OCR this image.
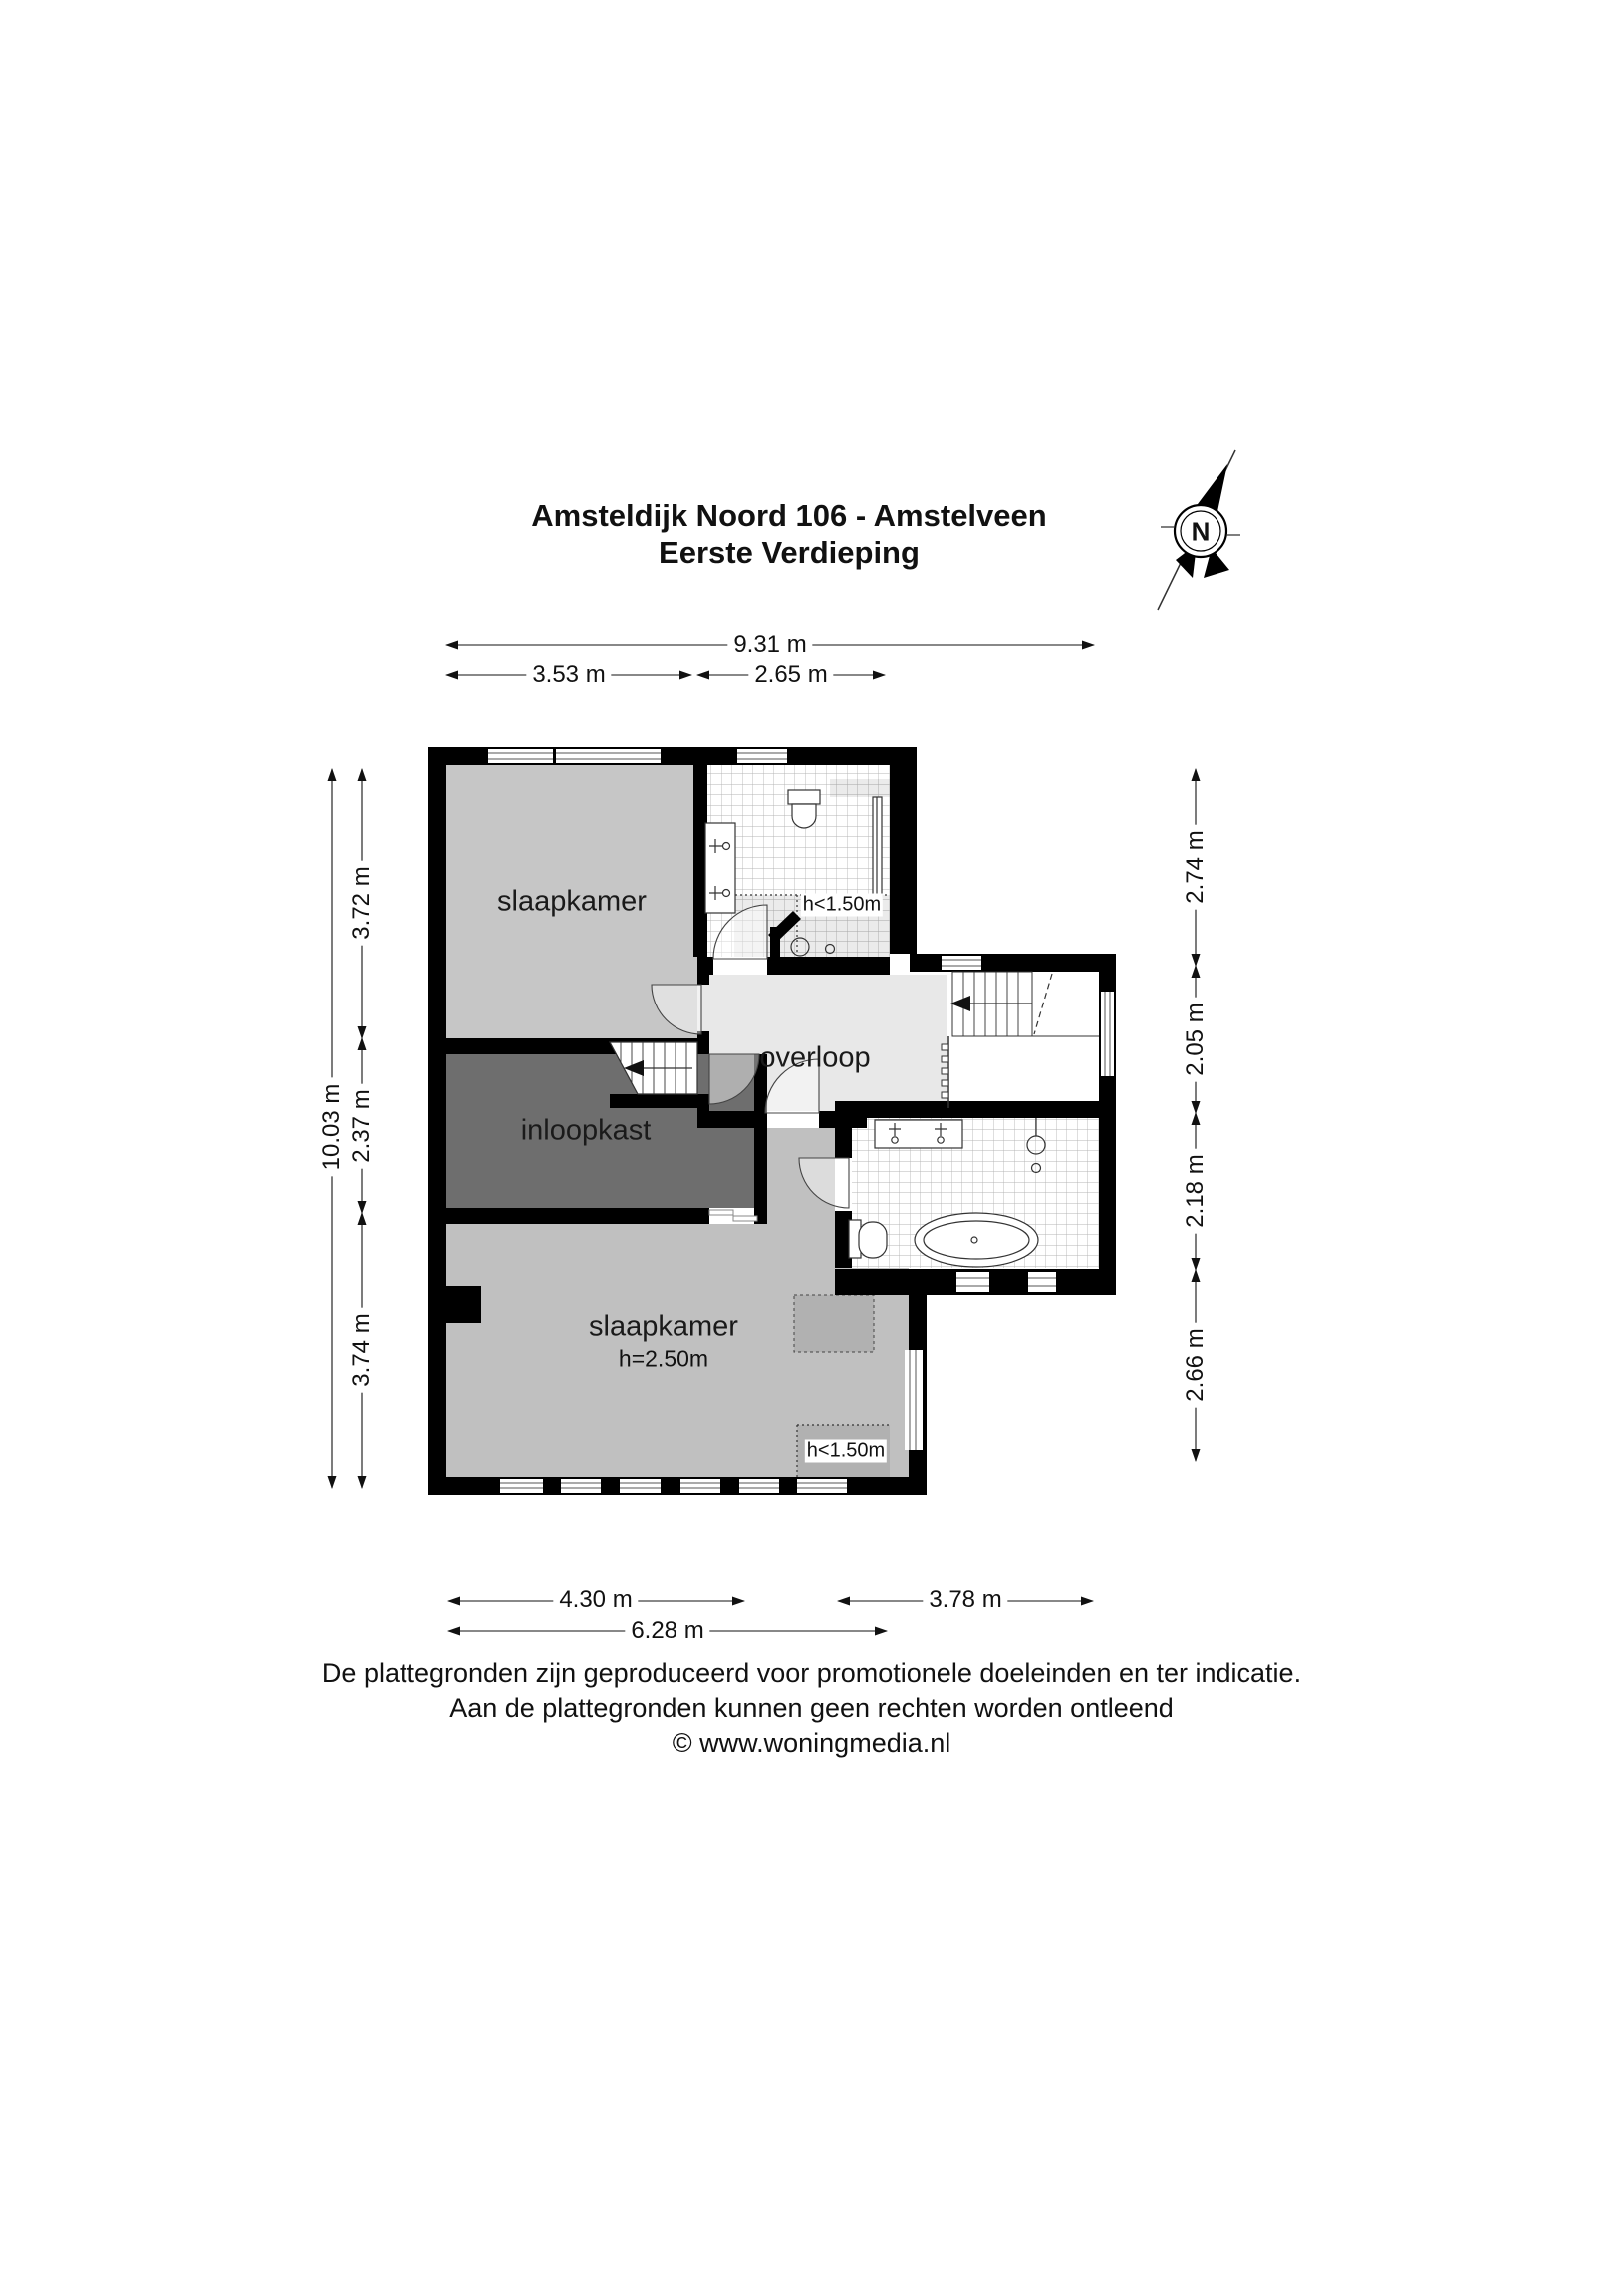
Amsteldijk Noord 106 - Amstelveen
Eerste Verdieping
N
slaapkamer
inloopkast
overloop
slaapkamer
h=2.50m
h<1.50m
h<1.50m
9.31 m
3.53 m	2.65 m
10.03 m
3.72 m
2.37 m
3.74 m
2.74 m
2.05 m
2.18 m
2.66 m
4.30 m	3.78 m
6.28 m
De plattegronden zijn geproduceerd voor promotionele doeleinden en ter indicatie.
Aan de plattegronden kunnen geen rechten worden ontleend
© www.woningmedia.nl
